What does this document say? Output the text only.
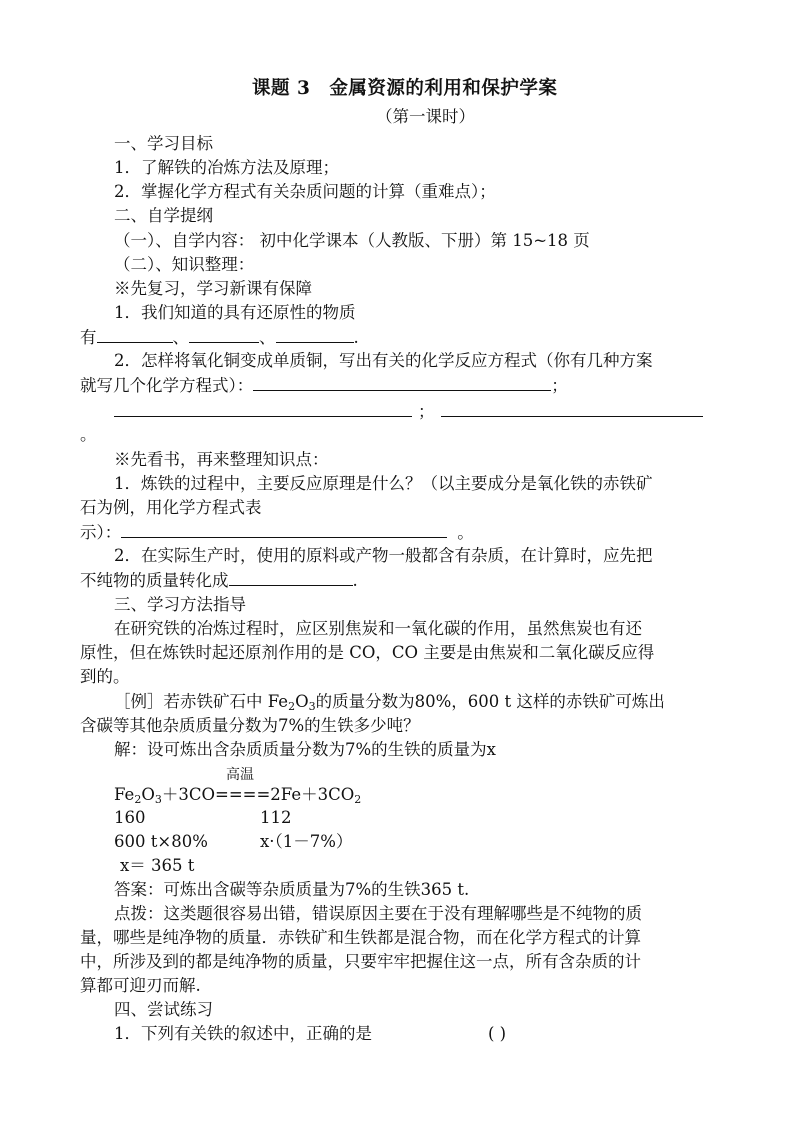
课题 3　金属资源的利用和保护学案
（第一课时）
一、学习目标
1．了解铁的冶炼方法及原理；
2．掌握化学方程式有关杂质问题的计算（重难点）；
二、自学提纲
（一）、自学内容： 初中化学课本（人教版、下册）第 15~18 页
（二）、知识整理：
※先复习，学习新课有保障
1．我们知道的具有还原性的物质
有	、	、	.
2．怎样将氧化铜变成单质铜，写出有关的化学反应方程式（你有几种方案
就写几个化学方程式）：	；
；
。
※先看书，再来整理知识点：
1．炼铁的过程中，主要反应原理是什么？（以主要成分是氧化铁的赤铁矿
石为例，用化学方程式表
示）：	。
2．在实际生产时，使用的原料或产物一般都含有杂质，在计算时，应先把
不纯物的质量转化成	.
三、学习方法指导
在研究铁的冶炼过程时，应区别焦炭和一氧化碳的作用，虽然焦炭也有还
原性，但在炼铁时起还原剂作用的是 CO，CO 主要是由焦炭和二氧化碳反应得
到的。
［例］若赤铁矿石中 $Fe_2O_3$的质量分数为80%，600 t 这样的赤铁矿可炼出
含碳等其他杂质质量分数为7%的生铁多少吨？
解：设可炼出含杂质质量分数为7%的生铁的质量为x
高温
$Fe_2O_3+3CO====2Fe+3CO_2$
160	112
600 t×80%	x·（1－7%）
x＝ 365 t
答案：可炼出含碳等杂质质量为7%的生铁365 t.
点拨：这类题很容易出错，错误原因主要在于没有理解哪些是不纯物的质
量，哪些是纯净物的质量．赤铁矿和生铁都是混合物，而在化学方程式的计算
中，所涉及到的都是纯净物的质量，只要牢牢把握住这一点，所有含杂质的计
算都可迎刃而解.
四、尝试练习
1．下列有关铁的叙述中，正确的是	( )
